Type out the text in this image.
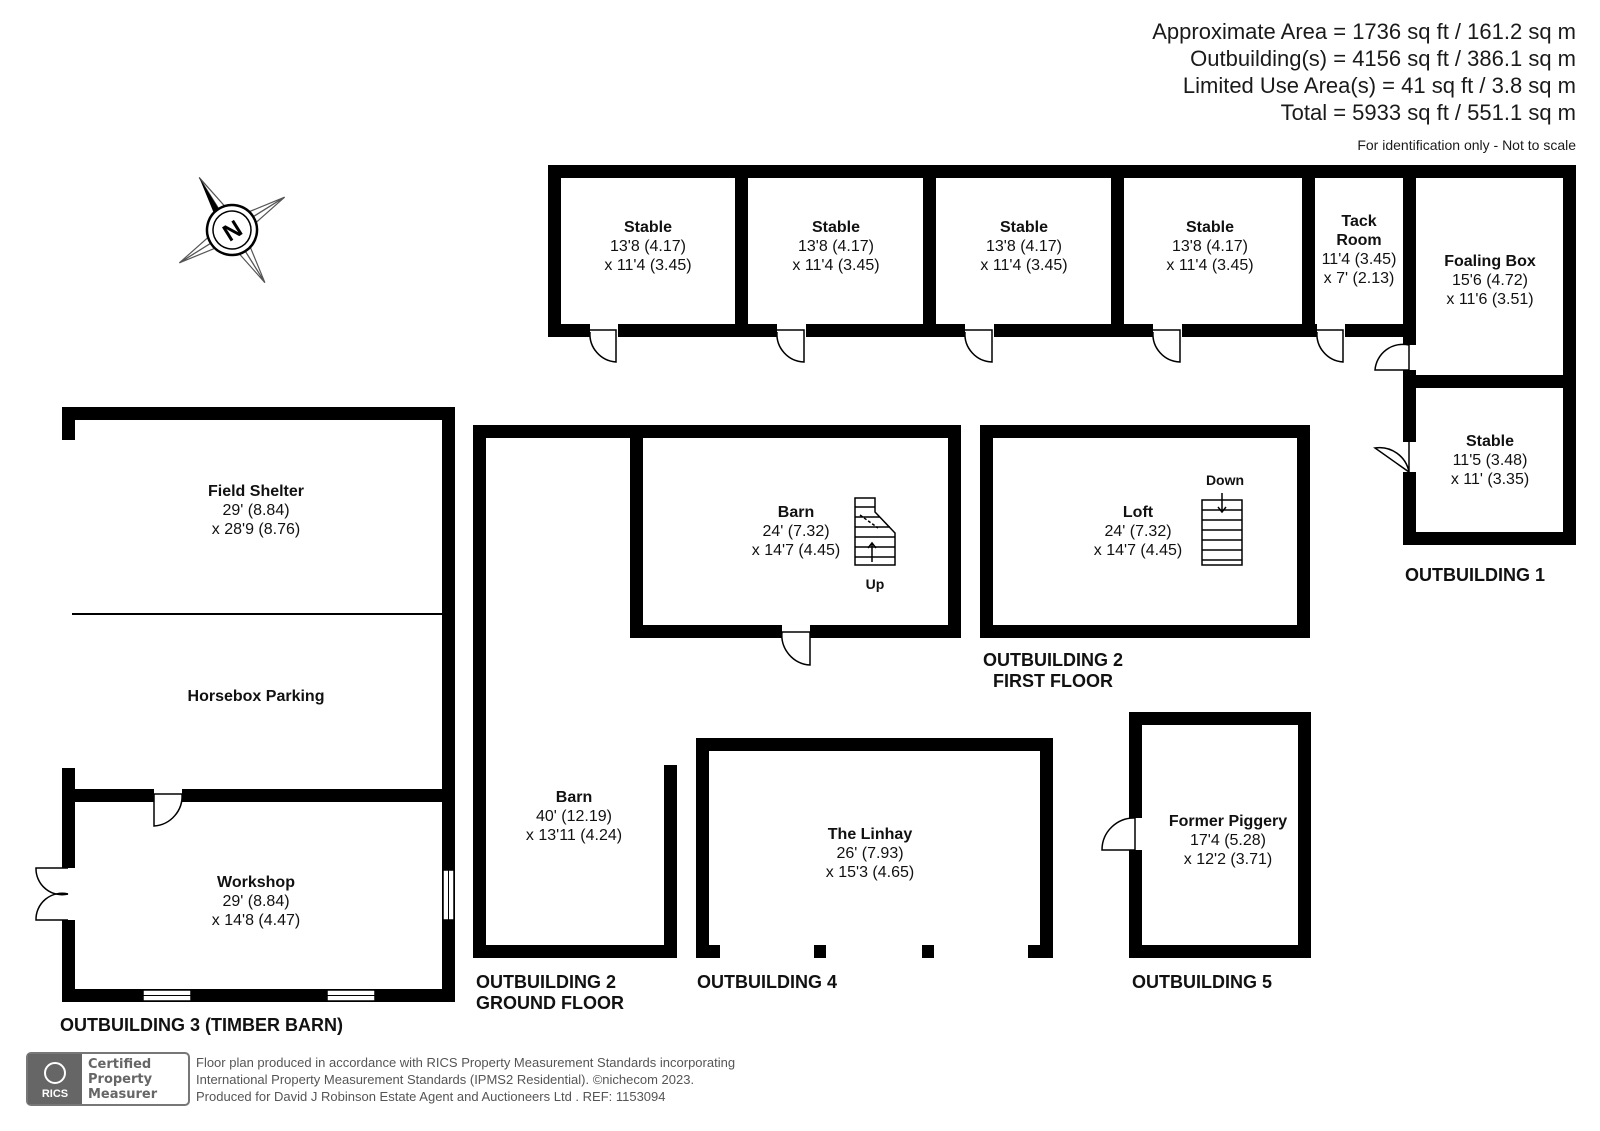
N
Approximate Area = 1736 sq ft / 161.2 sq m
Outbuilding(s) = 4156 sq ft / 386.1 sq m
Limited Use Area(s) = 41 sq ft / 3.8 sq m
Total = 5933 sq ft / 551.1 sq m
For identification only - Not to scale
Stable
13'8 (4.17)
x 11'4 (3.45)
Stable
13'8 (4.17)
x 11'4 (3.45)
Stable
13'8 (4.17)
x 11'4 (3.45)
Stable
13'8 (4.17)
x 11'4 (3.45)
Tack
Room
11'4 (3.45)
x 7' (2.13)
Foaling Box
15'6 (4.72)
x 11'6 (3.51)
Stable
11'5 (3.48)
x 11' (3.35)
Field Shelter
29' (8.84)
x 28'9 (8.76)
Horsebox Parking
Workshop
29' (8.84)
x 14'8 (4.47)
Barn
24' (7.32)
x 14'7 (4.45)
Up
Loft
24' (7.32)
x 14'7 (4.45)
Down
Barn
40' (12.19)
x 13'11 (4.24)	The Linhay
26' (7.93)
x 15'3 (4.65)
Former Piggery
17'4 (5.28)
x 12'2 (3.71)
OUTBUILDING 1
OUTBUILDING 2
FIRST FLOOR
OUTBUILDING 2
GROUND FLOOR
OUTBUILDING 3 (TIMBER BARN)
OUTBUILDING 4	OUTBUILDING 5
RICS
Certified
Property
Measurer
Floor plan produced in accordance with RICS Property Measurement Standards incorporating
International Property Measurement Standards (IPMS2 Residential). ©nichecom 2023.
Produced for David J Robinson Estate Agent and Auctioneers Ltd . REF: 1153094
